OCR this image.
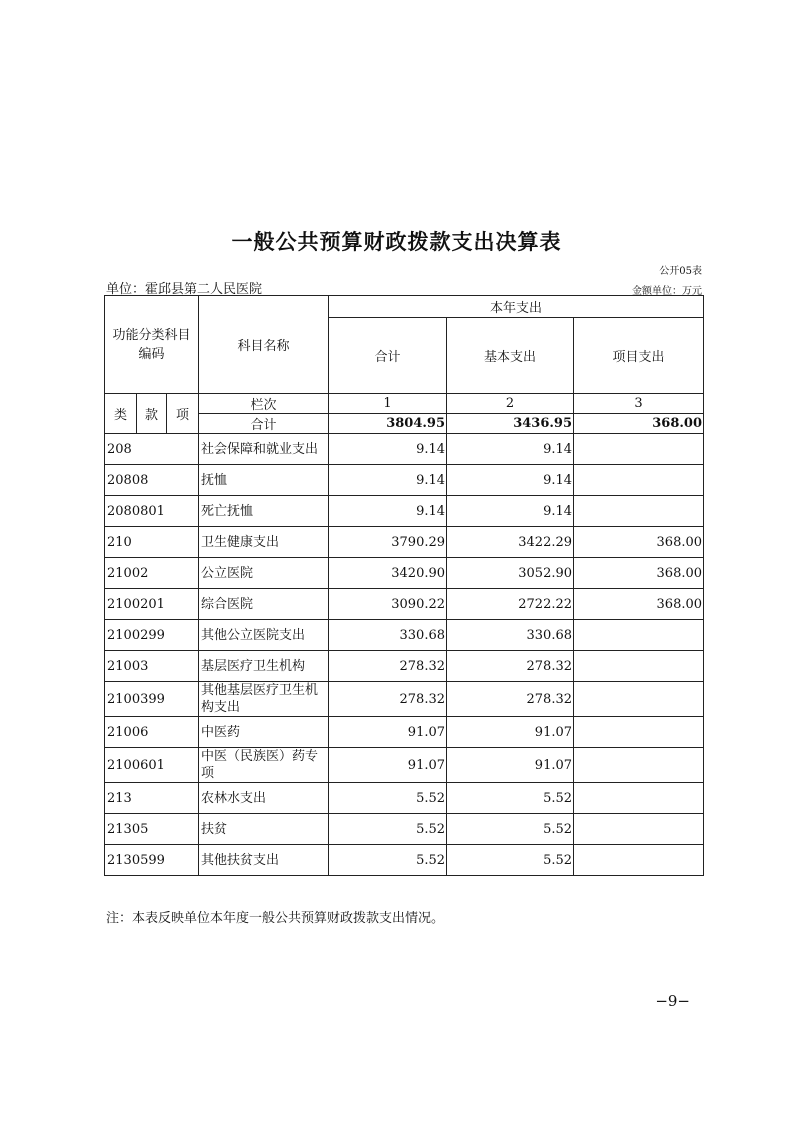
一般公共预算财政拨款支出决算表
公开05表
单位：霍邱县第二人民医院	金额单位：万元
功能分类科目编码			科目名称	本年支出		
				合计	基本支出	项目支出
类	款	项	栏次	1	2	3
			合计	3804.95	3436.95	368.00
208			社会保障和就业支出	9.14	9.14	
20808			抚恤	9.14	9.14	
2080801			死亡抚恤	9.14	9.14	
210			卫生健康支出	3790.29	3422.29	368.00
21002			公立医院	3420.90	3052.90	368.00
2100201			综合医院	3090.22	2722.22	368.00
2100299			其他公立医院支出	330.68	330.68	
21003			基层医疗卫生机构	278.32	278.32	
2100399			其他基层医疗卫生机构支出	278.32	278.32	
21006			中医药	91.07	91.07	
2100601			中医（民族医）药专项	91.07	91.07	
213			农林水支出	5.52	5.52	
21305			扶贫	5.52	5.52	
2130599			其他扶贫支出	5.52	5.52	
注：本表反映单位本年度一般公共预算财政拨款支出情况。
−9−
